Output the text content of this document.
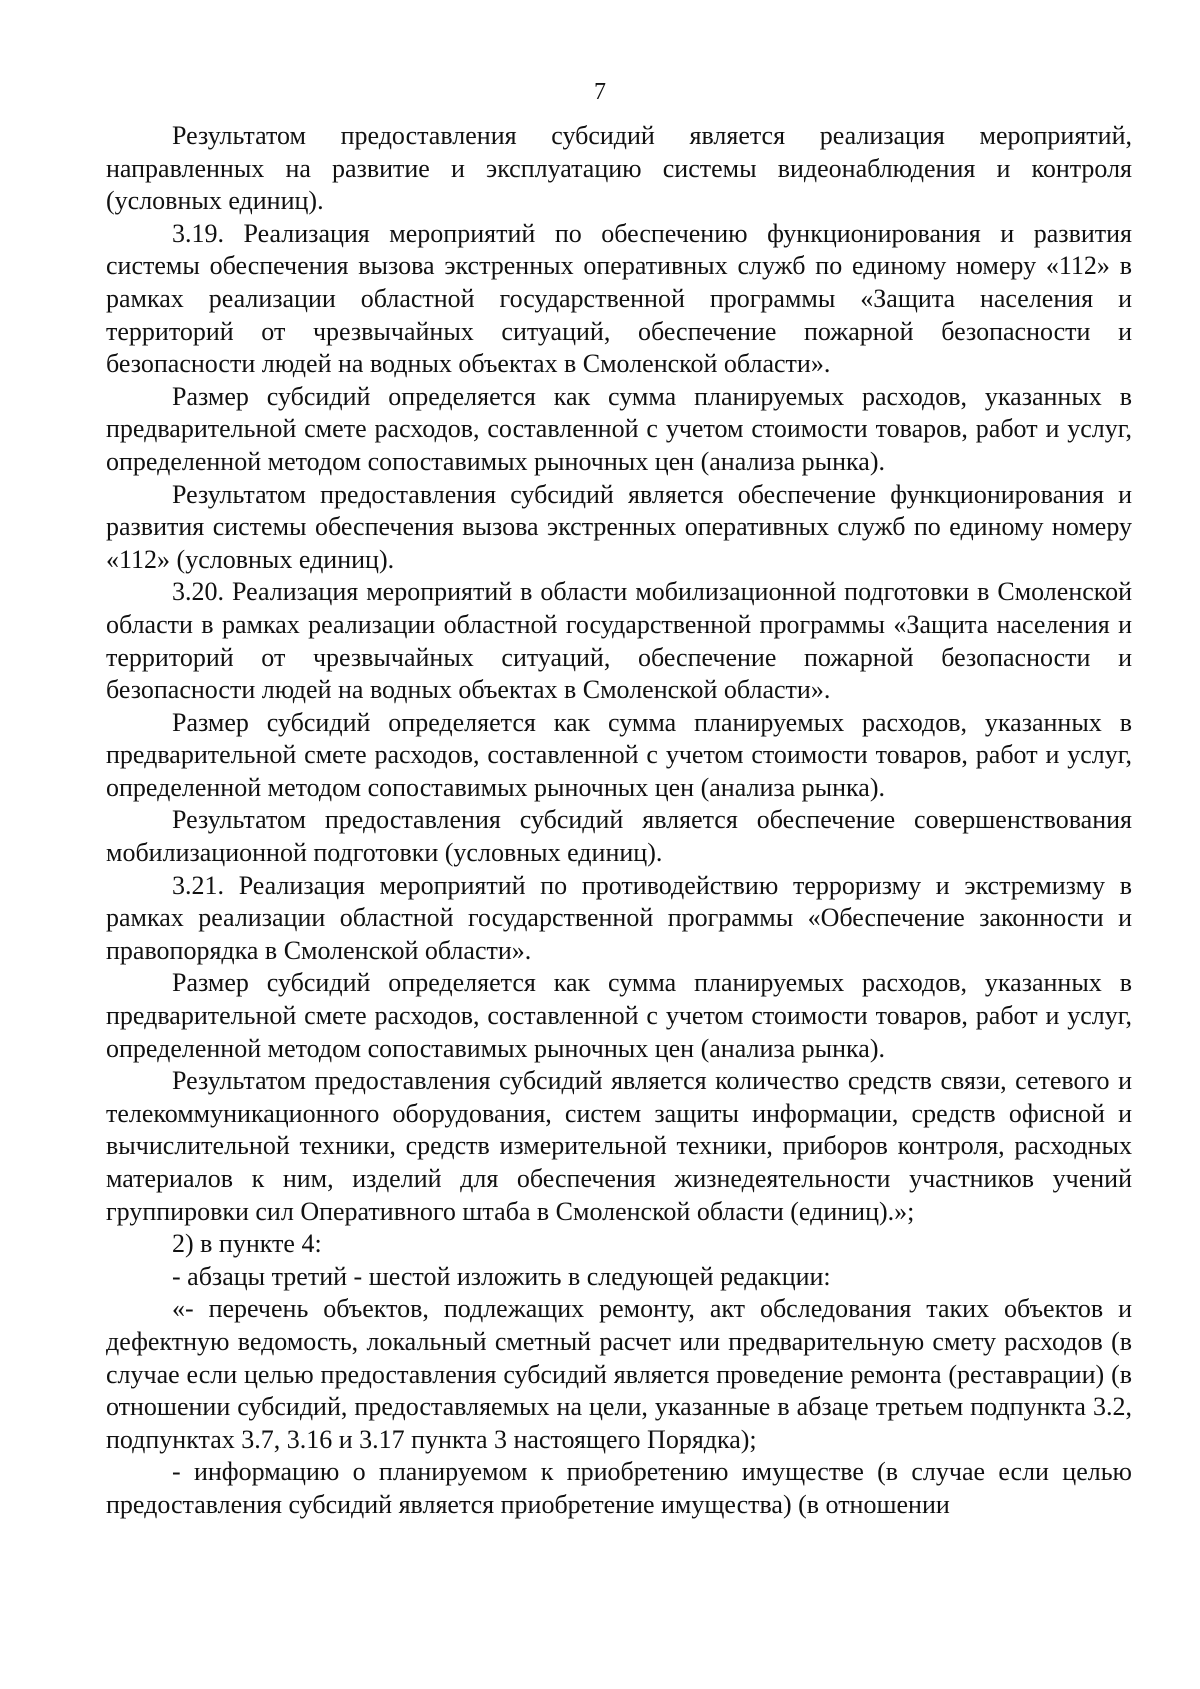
7

Результатом предоставления субсидий является реализация мероприятий, направленных на развитие и эксплуатацию системы видеонаблюдения и контроля (условных единиц).

3.19. Реализация мероприятий по обеспечению функционирования и развития системы обеспечения вызова экстренных оперативных служб по единому номеру «112» в рамках реализации областной государственной программы «Защита населения и территорий от чрезвычайных ситуаций, обеспечение пожарной безопасности и безопасности людей на водных объектах в Смоленской области».

Размер субсидий определяется как сумма планируемых расходов, указанных в предварительной смете расходов, составленной с учетом стоимости товаров, работ и услуг, определенной методом сопоставимых рыночных цен (анализа рынка).

Результатом предоставления субсидий является обеспечение функционирования и развития системы обеспечения вызова экстренных оперативных служб по единому номеру «112» (условных единиц).

3.20. Реализация мероприятий в области мобилизационной подготовки в Смоленской области в рамках реализации областной государственной программы «Защита населения и территорий от чрезвычайных ситуаций, обеспечение пожарной безопасности и безопасности людей на водных объектах в Смоленской области».

Размер субсидий определяется как сумма планируемых расходов, указанных в предварительной смете расходов, составленной с учетом стоимости товаров, работ и услуг, определенной методом сопоставимых рыночных цен (анализа рынка).

Результатом предоставления субсидий является обеспечение совершенствования мобилизационной подготовки (условных единиц).

3.21. Реализация мероприятий по противодействию терроризму и экстремизму в рамках реализации областной государственной программы «Обеспечение законности и правопорядка в Смоленской области».

Размер субсидий определяется как сумма планируемых расходов, указанных в предварительной смете расходов, составленной с учетом стоимости товаров, работ и услуг, определенной методом сопоставимых рыночных цен (анализа рынка).

Результатом предоставления субсидий является количество средств связи, сетевого и телекоммуникационного оборудования, систем защиты информации, средств офисной и вычислительной техники, средств измерительной техники, приборов контроля, расходных материалов к ним, изделий для обеспечения жизнедеятельности участников учений группировки сил Оперативного штаба в Смоленской области (единиц).»;

2) в пункте 4:

- абзацы третий - шестой изложить в следующей редакции:

«- перечень объектов, подлежащих ремонту, акт обследования таких объектов и дефектную ведомость, локальный сметный расчет или предварительную смету расходов (в случае если целью предоставления субсидий является проведение ремонта (реставрации) (в отношении субсидий, предоставляемых на цели, указанные в абзаце третьем подпункта 3.2, подпунктах 3.7, 3.16 и 3.17 пункта 3 настоящего Порядка);

- информацию о планируемом к приобретению имуществе (в случае если целью предоставления субсидий является приобретение имущества) (в отношении
